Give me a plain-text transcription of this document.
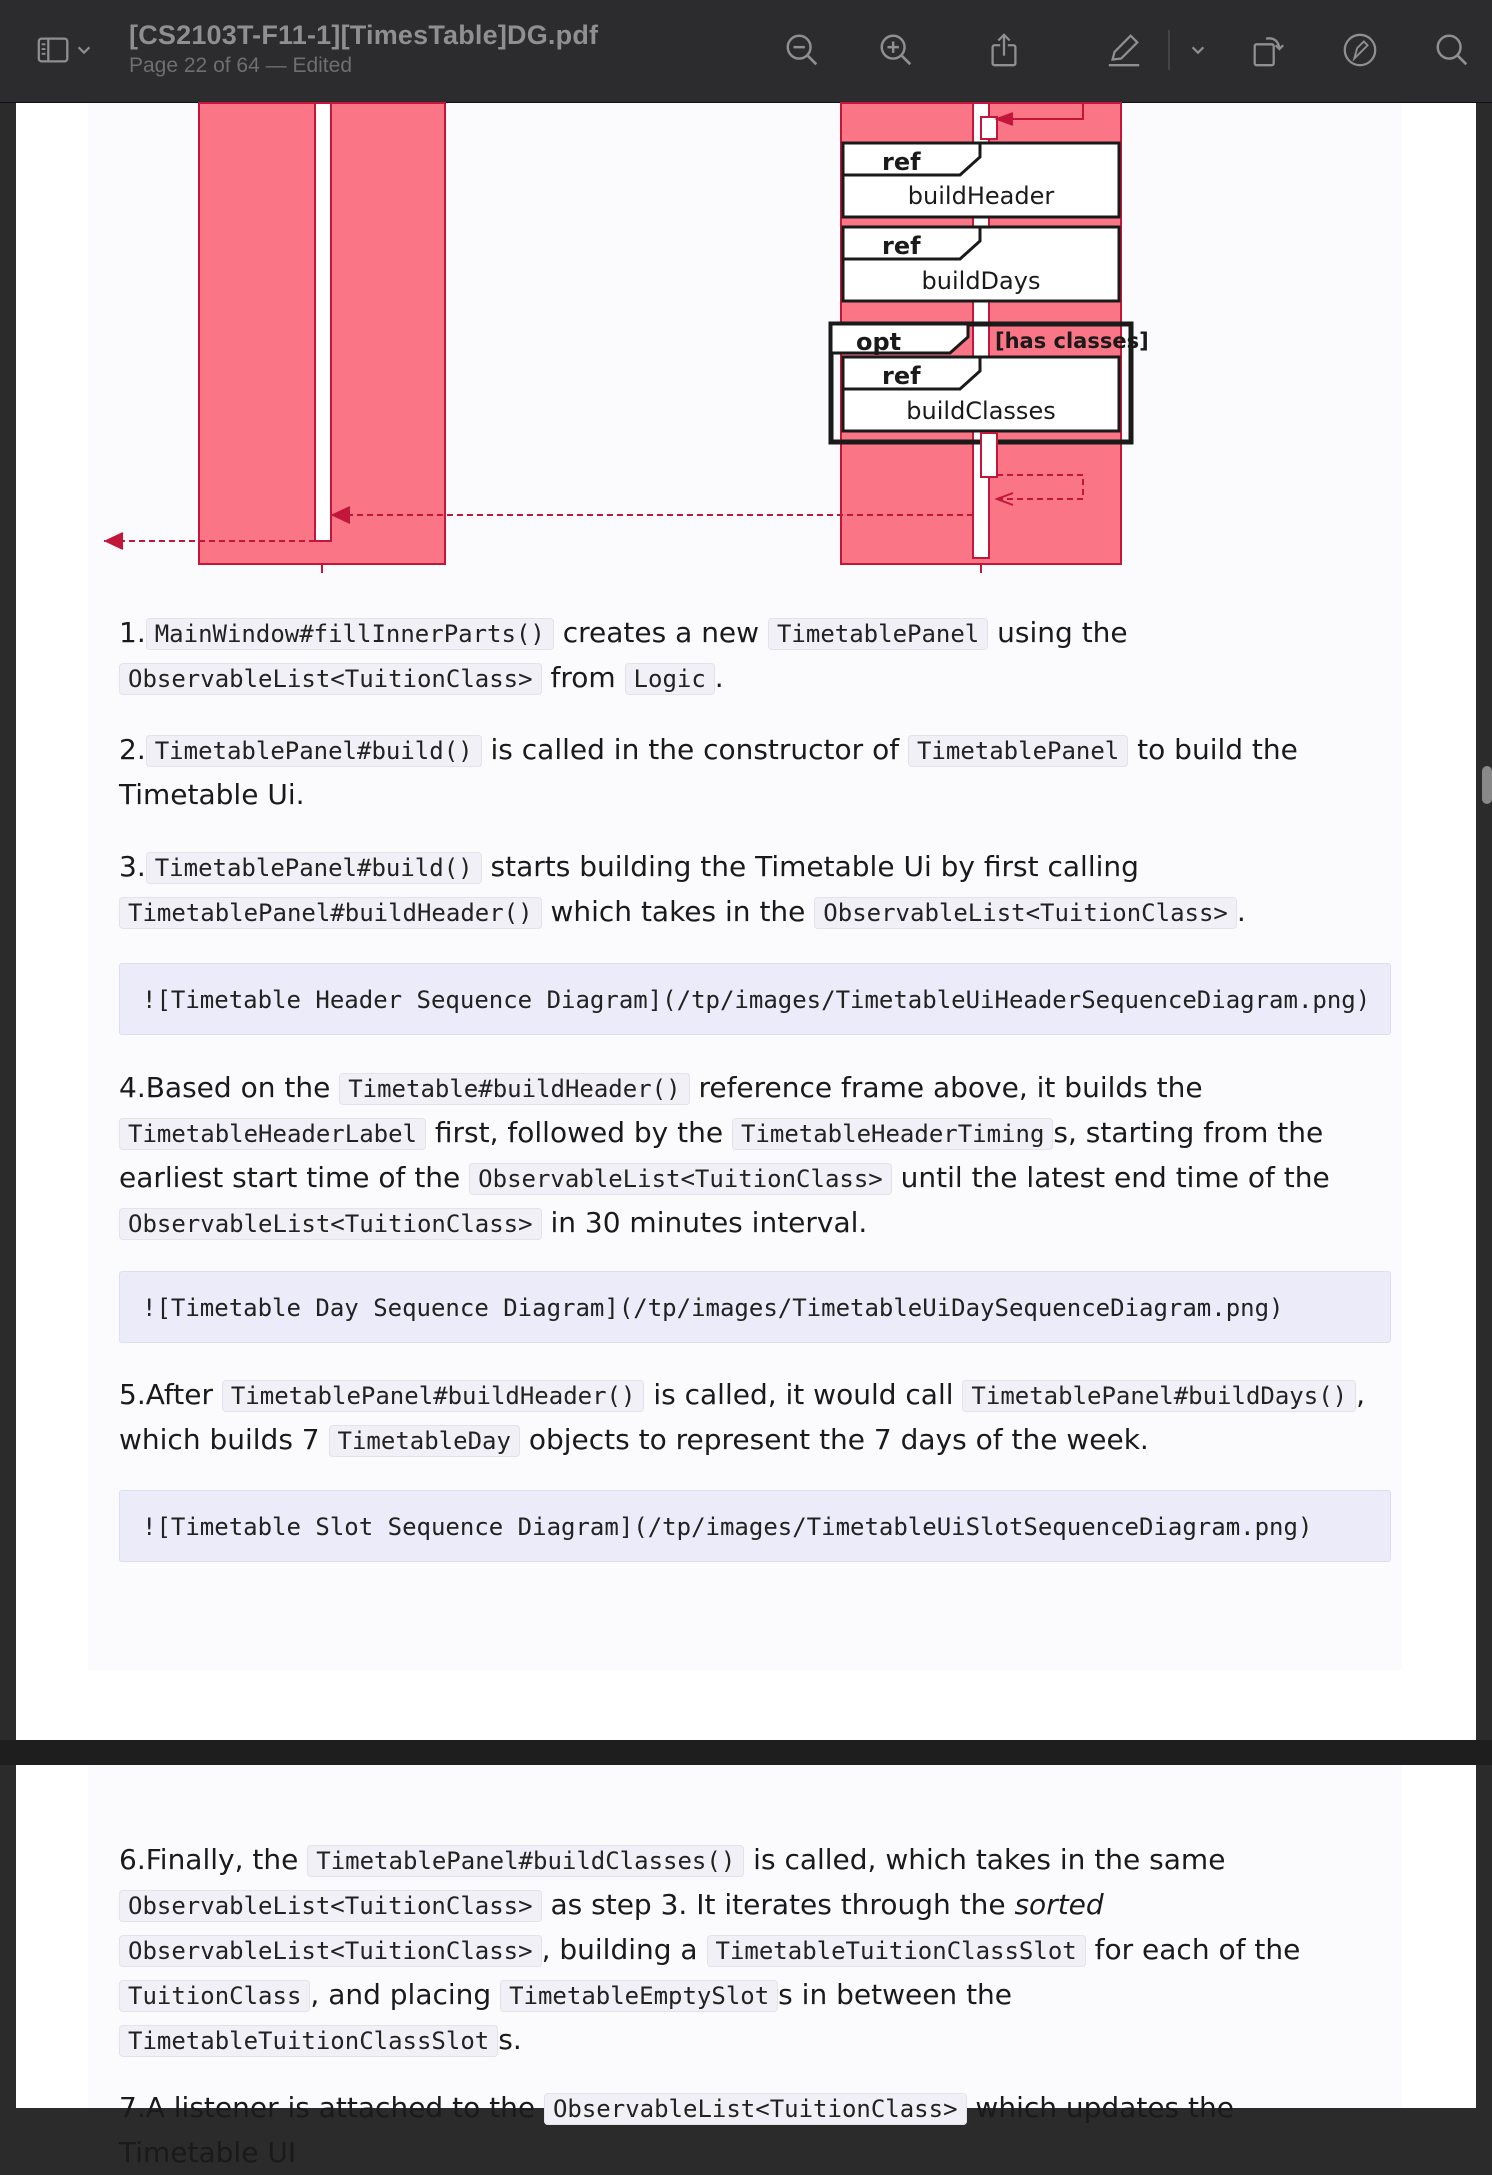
[CS2103T-F11-1][TimesTable]DG.pdf
Page 22 of 64 — Edited
ref
buildHeader
ref
buildDays
opt	[has classes]
ref
buildClasses
1. MainWindow#fillInnerParts() creates a new TimetablePanel using the
ObservableList<TuitionClass> from Logic .
2. TimetablePanel#build() is called in the constructor of TimetablePanel to build the
Timetable Ui.
3. TimetablePanel#build() starts building the Timetable Ui by first calling
TimetablePanel#buildHeader() which takes in the ObservableList<TuitionClass> .
![Timetable Header Sequence Diagram](/tp/images/TimetableUiHeaderSequenceDiagram.png)
4.Based on the Timetable#buildHeader() reference frame above, it builds the
TimetableHeaderLabel first, followed by the TimetableHeaderTiming s, starting from the
earliest start time of the ObservableList<TuitionClass> until the latest end time of the
ObservableList<TuitionClass> in 30 minutes interval.
![Timetable Day Sequence Diagram](/tp/images/TimetableUiDaySequenceDiagram.png)
5.After TimetablePanel#buildHeader() is called, it would call TimetablePanel#buildDays() ,
which builds 7 TimetableDay objects to represent the 7 days of the week.
![Timetable Slot Sequence Diagram](/tp/images/TimetableUiSlotSequenceDiagram.png)
6.Finally, the TimetablePanel#buildClasses() is called, which takes in the same
ObservableList<TuitionClass> as step 3. It iterates through the sorted
ObservableList<TuitionClass> , building a TimetableTuitionClassSlot for each of the
TuitionClass , and placing TimetableEmptySlot s in between the
TimetableTuitionClassSlot s.
7.A listener is attached to the ObservableList<TuitionClass> which updates the Timetable UI
